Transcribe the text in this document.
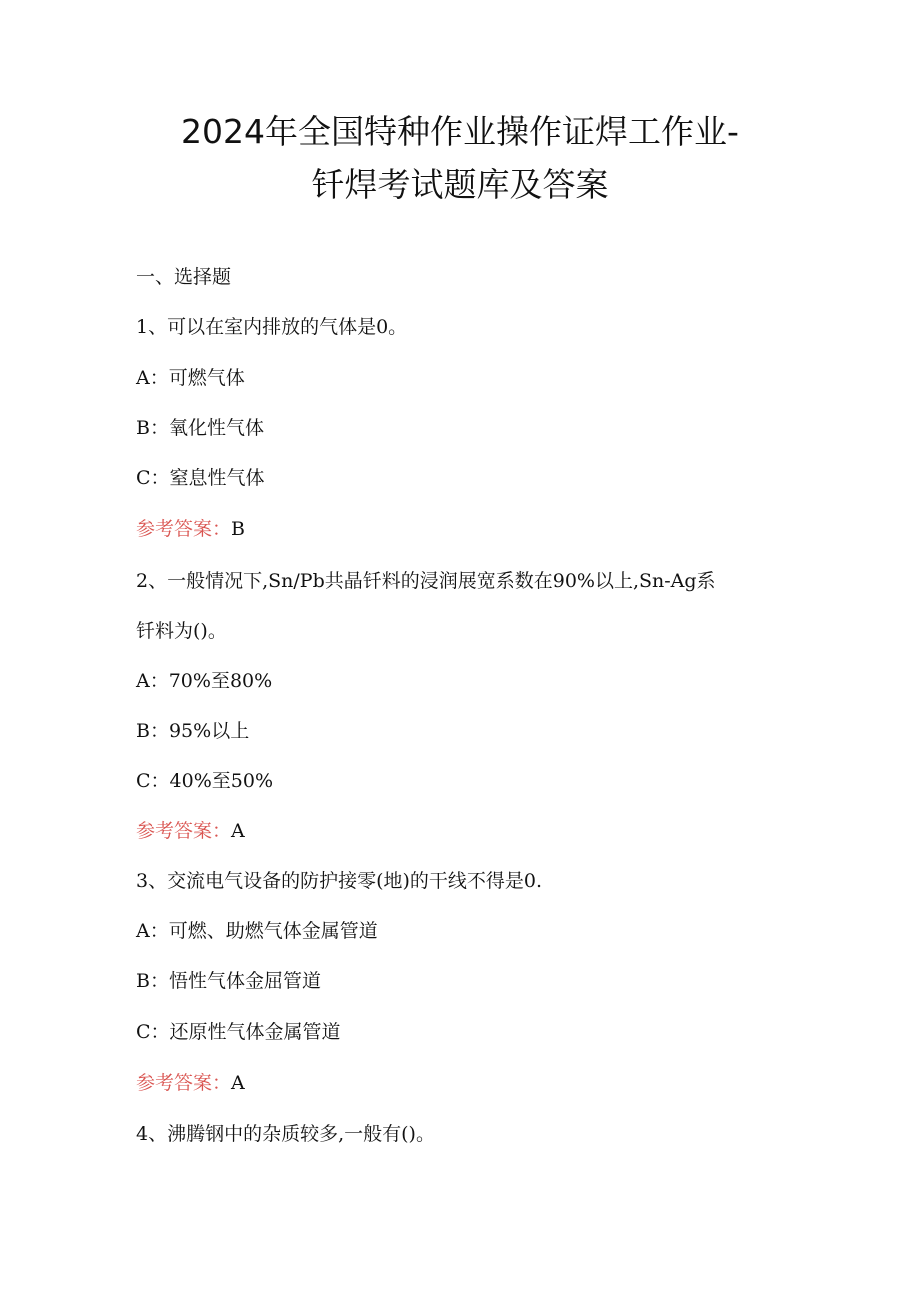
2024年全国特种作业操作证焊工作业-
钎焊考试题库及答案

一、选择题

1、可以在室内排放的气体是0。

A：可燃气体

B：氧化性气体

C：窒息性气体

参考答案：B

2、一般情况下,Sn/Pb共晶钎料的浸润展宽系数在90%以上,Sn-Ag系

钎料为()。

A：70%至80%

B：95%以上

C：40%至50%

参考答案：A

3、交流电气设备的防护接零(地)的干线不得是0.

A：可燃、助燃气体金属管道

B：悟性气体金屈管道

C：还原性气体金属管道

参考答案：A

4、沸腾钢中的杂质较多,一般有()。
